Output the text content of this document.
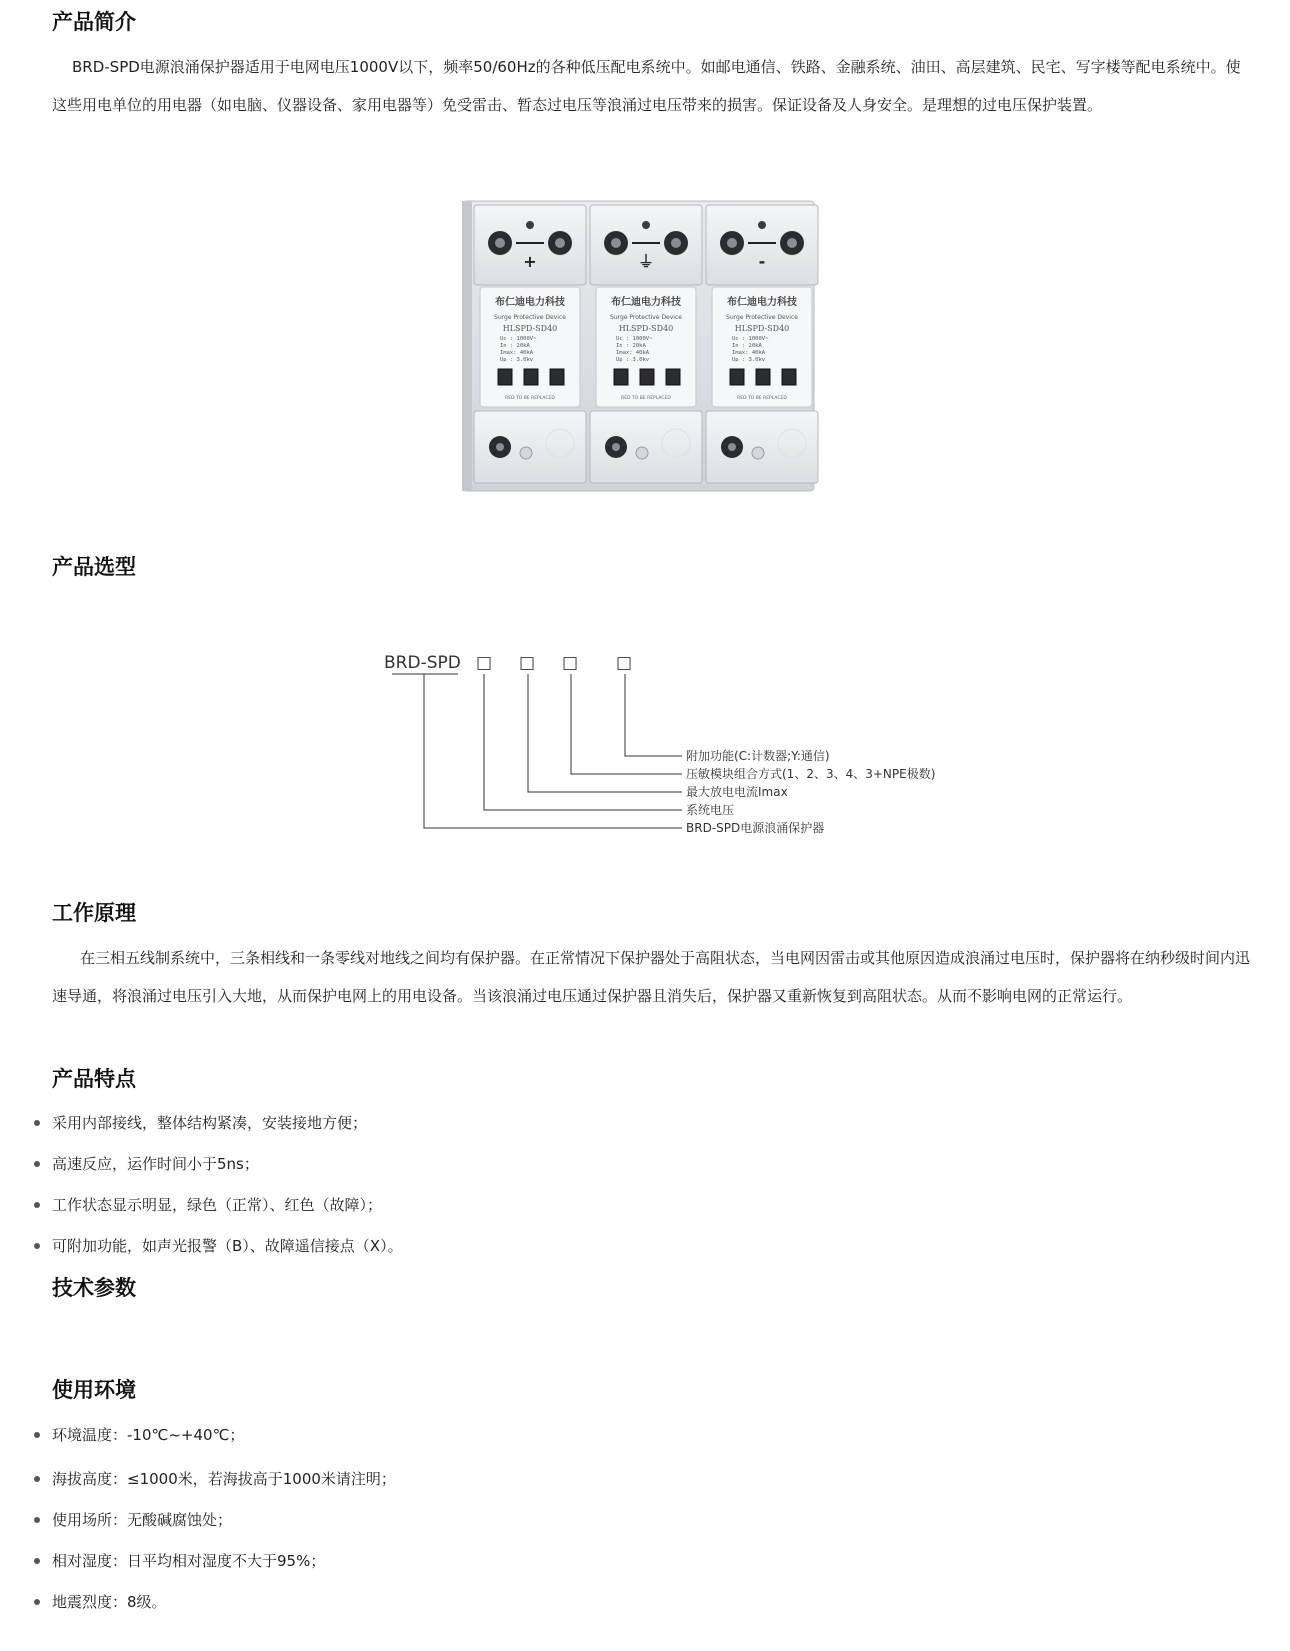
产品简介

BRD-SPD电源浪涌保护器适用于电网电压1000V以下，频率50/60Hz的各种低压配电系统中。如邮电通信、铁路、金融系统、油田、高层建筑、民宅、写字楼等配电系统中。使这些用电单位的用电器（如电脑、仪器设备、家用电器等）免受雷击、暂态过电压等浪涌过电压带来的损害。保证设备及人身安全。是理想的过电压保护装置。

+
布仁迪电力科技
Surge Protective Device
HLSPD-SD40
Uc : 1000V~
In : 20kA
Imax: 40kA
Up : 3.0kv
RED TO BE REPLACED
⏚
布仁迪电力科技
Surge Protective Device
HLSPD-SD40
Uc : 1000V~
In : 20kA
Imax: 40kA
Up : 3.0kv
RED TO BE REPLACED
-
布仁迪电力科技
Surge Protective Device
HLSPD-SD40
Uc : 1000V~
In : 20kA
Imax: 40kA
Up : 3.0kv
RED TO BE REPLACED
产品选型
BRD-SPD □ □ □ □
附加功能(C:计数器;Y:通信)
压敏模块组合方式(1、2、3、4、3+NPE极数)
最大放电电流Imax
系统电压
BRD-SPD电源浪涌保护器
工作原理

在三相五线制系统中，三条相线和一条零线对地线之间均有保护器。在正常情况下保护器处于高阻状态，当电网因雷击或其他原因造成浪涌过电压时，保护器将在纳秒级时间内迅速导通，将浪涌过电压引入大地，从而保护电网上的用电设备。当该浪涌过电压通过保护器且消失后，保护器又重新恢复到高阻状态。从而不影响电网的正常运行。

产品特点
采用内部接线，整体结构紧凑，安装接地方便；
高速反应，运作时间小于5ns；
工作状态显示明显，绿色（正常）、红色（故障）；
可附加功能，如声光报警（B）、故障遥信接点（X）。
技术参数
使用环境
环境温度：-10℃~+40℃；
海拔高度：≤1000米，若海拔高于1000米请注明；
使用场所：无酸碱腐蚀处；
相对湿度：日平均相对湿度不大于95%；
地震烈度：8级。
